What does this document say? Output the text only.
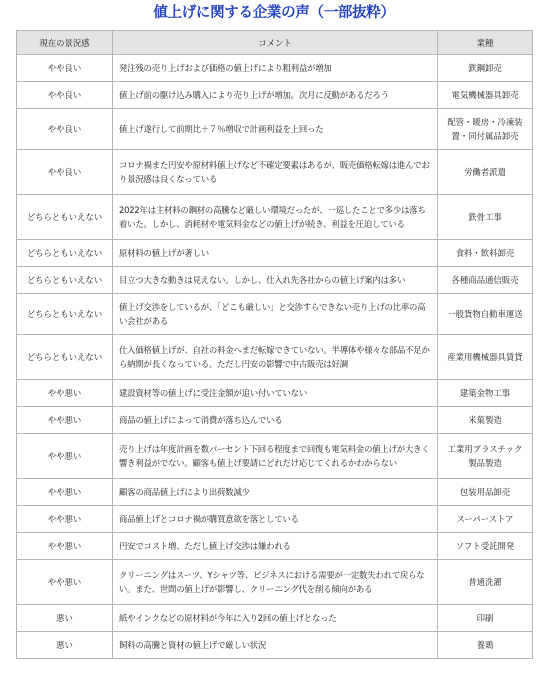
値上げに関する企業の声（一部抜粋）
現在の景況感	コメント	業種
やや良い	発注残の売り上げおよび価格の値上げにより粗利益が増加	鉄鋼卸売
やや良い	値上げ前の駆け込み購入により売り上げが増加。次月に反動があるだろう	電気機械器具卸売
やや良い	値上げ遂行して前期比＋７％増収で計画利益を上回った	配管・暖房・冷凍装置・同付属品卸売
やや良い	コロナ禍また円安や原材料値上げなど不確定要素はあるが、販売価格転嫁は進んでおり景況感は良くなっている	労働者派遣
どちらともいえない	2022年は主材料の鋼材の高騰など厳しい環境だったが、一巡したことで多少は落ち着いた。しかし、消耗材や電気料金などの値上げが続き、利益を圧迫している	鉄骨工事
どちらともいえない	原材料の値上げが著しい	食料・飲料卸売
どちらともいえない	目立つ大きな動きは見えない。しかし、仕入れ先各社からの値上げ案内は多い	各種商品通信販売
どちらともいえない	値上げ交渉をしているが、「どこも厳しい」と交渉すらできない売り上げの比率の高い会社がある	一般貨物自動車運送
どちらともいえない	仕入価格値上げが、自社の料金へまだ転嫁できていない。半導体や様々な部品不足から納期が長くなっている。ただし円安の影響で中古販売は好調	産業用機械器具賃貸
やや悪い	建設資材等の値上げに受注金額が追い付いていない	建築金物工事
やや悪い	商品の値上げによって消費が落ち込んでいる	米菓製造
やや悪い	売り上げは年度計画を数パーセント下回る程度まで回復も電気料金の値上げが大きく響き利益がでない。顧客も値上げ要請にどれだけ応じてくれるかわからない	工業用プラスチック製品製造
やや悪い	顧客の商品値上げにより出荷数減少	包装用品卸売
やや悪い	商品値上げとコロナ禍が購買意欲を落としている	スーパーストア
やや悪い	円安でコスト増、ただし値上げ交渉は嫌われる	ソフト受託開発
やや悪い	クリーニングはスーツ、Yシャツ等、ビジネスにおける需要が一定数失われて戻らない。また、世間の値上げが影響し、クリーニング代を削る傾向がある	普通洗濯
悪い	紙やインクなどの原材料が今年に入り2回の値上げとなった	印刷
悪い	飼料の高騰と資材の値上げで厳しい状況	養鶏
